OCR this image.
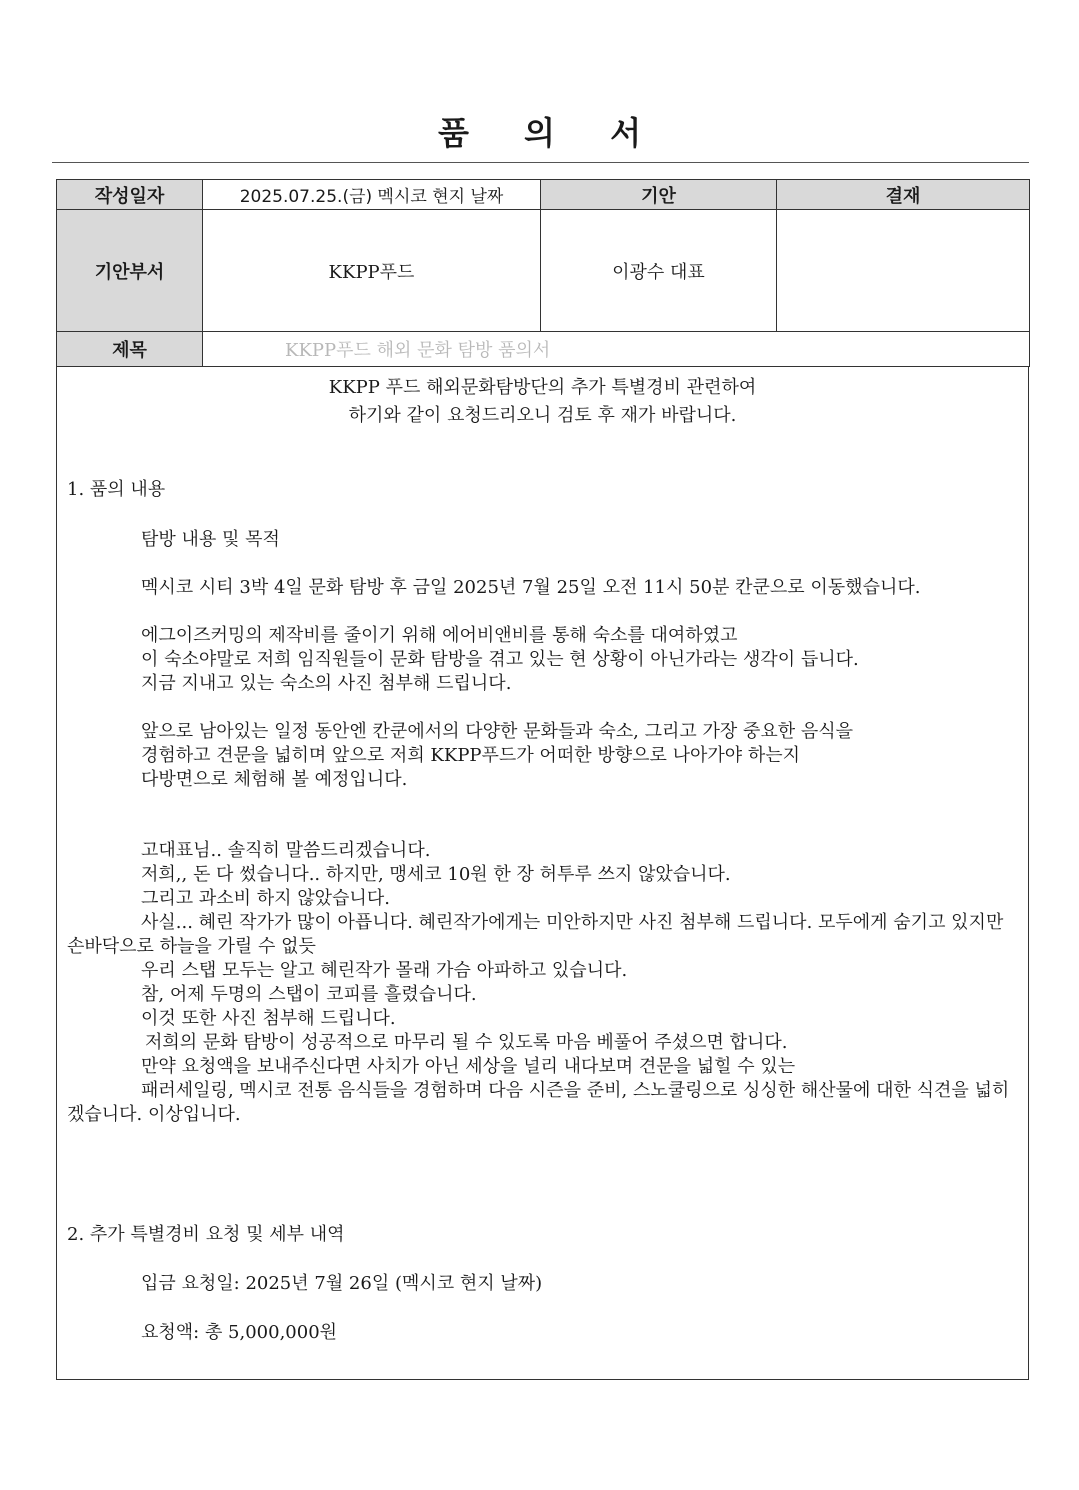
품 의 서
작성일자	2025.07.25.(금) 멕시코 현지 날짜	기안	결재
기안부서	KKPP푸드	이광수 대표	
제목	KKPP푸드 해외 문화 탐방 품의서		
KKPP 푸드 해외문화탐방단의 추가 특별경비 관련하여
하기와 같이 요청드리오니 검토 후 재가 바랍니다.
1. 품의 내용
탐방 내용 및 목적
멕시코 시티 3박 4일 문화 탐방 후 금일 2025년 7월 25일 오전 11시 50분 칸쿤으로 이동했습니다.
에그이즈커밍의 제작비를 줄이기 위해 에어비앤비를 통해 숙소를 대여하였고
이 숙소야말로 저희 임직원들이 문화 탐방을 겪고 있는 현 상황이 아닌가라는 생각이 듭니다.
지금 지내고 있는 숙소의 사진 첨부해 드립니다.
앞으로 남아있는 일정 동안엔 칸쿤에서의 다양한 문화들과 숙소, 그리고 가장 중요한 음식을
경험하고 견문을 넓히며 앞으로 저희 KKPP푸드가 어떠한 방향으로 나아가야 하는지
다방면으로 체험해 볼 예정입니다.
고대표님.. 솔직히 말씀드리겠습니다.
저희,, 돈 다 썼습니다.. 하지만, 맹세코 10원 한 장 허투루 쓰지 않았습니다.
그리고 과소비 하지 않았습니다.
사실... 혜린 작가가 많이 아픕니다. 혜린작가에게는 미안하지만 사진 첨부해 드립니다. 모두에게 숨기고 있지만 손바닥으로 하늘을 가릴 수 없듯
우리 스탭 모두는 알고 혜린작가 몰래 가슴 아파하고 있습니다.
참, 어제 두명의 스탭이 코피를 흘렸습니다.
이것 또한 사진 첨부해 드립니다.
저희의 문화 탐방이 성공적으로 마무리 될 수 있도록 마음 베풀어 주셨으면 합니다.
만약 요청액을 보내주신다면 사치가 아닌 세상을 널리 내다보며 견문을 넓힐 수 있는
패러세일링, 멕시코 전통 음식들을 경험하며 다음 시즌을 준비, 스노쿨링으로 싱싱한 해산물에 대한 식견을 넓히겠습니다. 이상입니다.
2. 추가 특별경비 요청 및 세부 내역
입금 요청일: 2025년 7월 26일 (멕시코 현지 날짜)
요청액: 총 5,000,000원
